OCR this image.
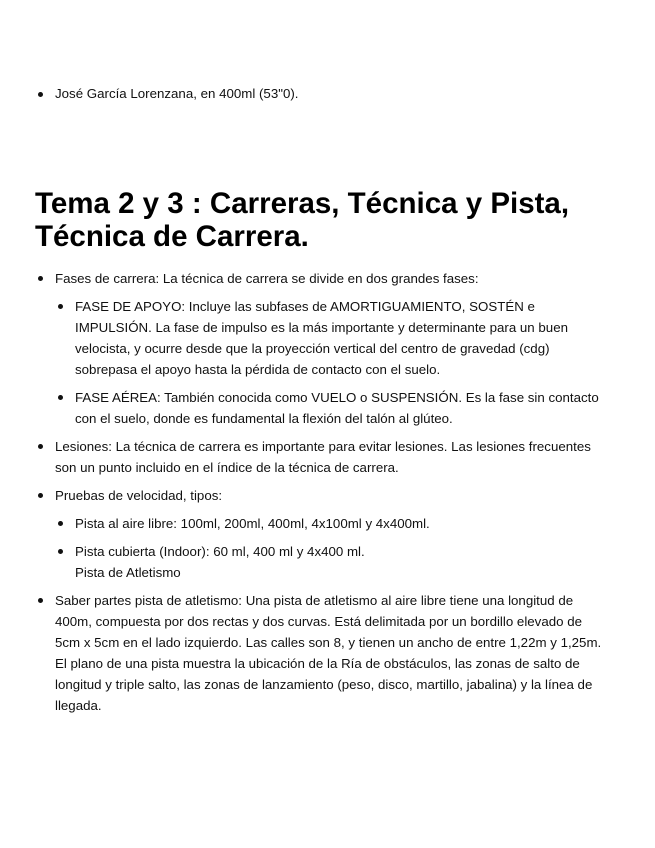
José García Lorenzana, en 400ml (53"0).
Tema 2 y 3 : Carreras, Técnica y Pista, Técnica de Carrera.
Fases de carrera: La técnica de carrera se divide en dos grandes fases:
FASE DE APOYO: Incluye las subfases de AMORTIGUAMIENTO, SOSTÉN e IMPULSIÓN. La fase de impulso es la más importante y determinante para un buen velocista, y ocurre desde que la proyección vertical del centro de gravedad (cdg) sobrepasa el apoyo hasta la pérdida de contacto con el suelo.
FASE AÉREA: También conocida como VUELO o SUSPENSIÓN. Es la fase sin contacto con el suelo, donde es fundamental la flexión del talón al glúteo.
Lesiones: La técnica de carrera es importante para evitar lesiones. Las lesiones frecuentes son un punto incluido en el índice de la técnica de carrera.
Pruebas de velocidad, tipos:
Pista al aire libre: 100ml, 200ml, 400ml, 4x100ml y 4x400ml.
Pista cubierta (Indoor): 60 ml, 400 ml y 4x400 ml.
Pista de Atletismo
Saber partes pista de atletismo: Una pista de atletismo al aire libre tiene una longitud de 400m, compuesta por dos rectas y dos curvas. Está delimitada por un bordillo elevado de 5cm x 5cm en el lado izquierdo. Las calles son 8, y tienen un ancho de entre 1,22m y 1,25m. El plano de una pista muestra la ubicación de la Ría de obstáculos, las zonas de salto de longitud y triple salto, las zonas de lanzamiento (peso, disco, martillo, jabalina) y la línea de llegada.
